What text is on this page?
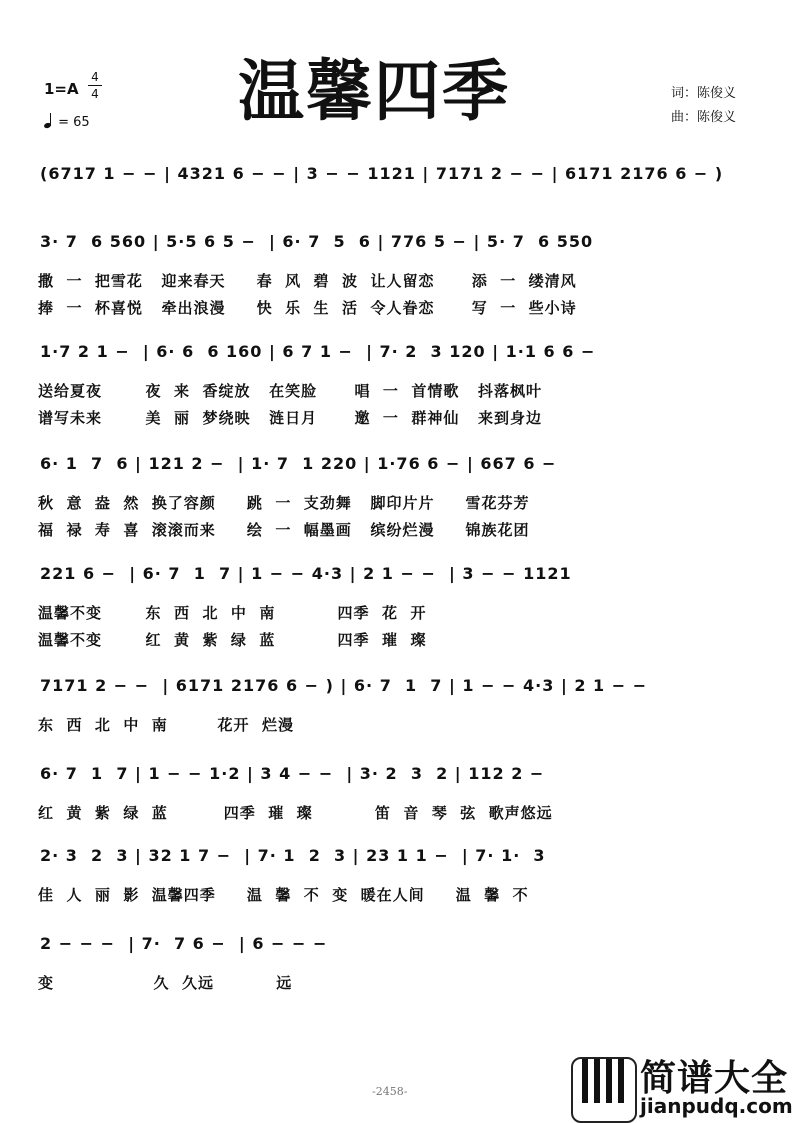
1=A
4
4
= 65 温馨四季	词：陈俊义
曲：陈俊义
(6717 1 − − | 4321 6 − − | 3 − − 1121 | 7171 2 − − | 6171 2176 6 − )
3· 7  6 560 | 5·5 6 5 −  | 6· 7  5  6 | 776 5 − | 5· 7  6 550
撒  一  把雪花   迎来春天     春  风  碧  波  让人留恋      添  一  缕清风
捧  一  杯喜悦   牵出浪漫     快  乐  生  活  令人眷恋      写  一  些小诗
1·7 2 1 −  | 6· 6  6 160 | 6 7 1 −  | 7· 2  3 120 | 1·1 6 6 −
送给夏夜       夜  来  香绽放   在笑脸      唱  一  首情歌   抖落枫叶
谱写未来       美  丽  梦绕映   涟日月      邀  一  群神仙   来到身边
6· 1  7  6 | 121 2 −  | 1· 7  1 220 | 1·76 6 − | 667 6 −
秋  意  盎  然  换了容颜     跳  一  支劲舞   脚印片片     雪花芬芳
福  禄  寿  喜  滚滚而来     绘  一  幅墨画   缤纷烂漫     锦族花团
221 6 −  | 6· 7  1  7 | 1 − − 4·3 | 2 1 − −  | 3 − − 1121
温馨不变       东  西  北  中  南          四季  花  开
温馨不变       红  黄  紫  绿  蓝          四季  璀  璨
7171 2 − −  | 6171 2176 6 − ) | 6· 7  1  7 | 1 − − 4·3 | 2 1 − −
东  西  北  中  南        花开  烂漫
6· 7  1  7 | 1 − − 1·2 | 3 4 − −  | 3· 2  3  2 | 112 2 −
红  黄  紫  绿  蓝         四季  璀  璨          笛  音  琴  弦  歌声悠远
2· 3  2  3 | 32 1 7 −  | 7· 1  2  3 | 23 1 1 −  | 7· 1·  3
佳  人  丽  影  温馨四季     温  馨  不  变  暖在人间     温  馨  不
2 − − −  | 7·  7 6 −  | 6 − − −
变                久  久远          远
-2458-	简谱大全
jianpudq.com
